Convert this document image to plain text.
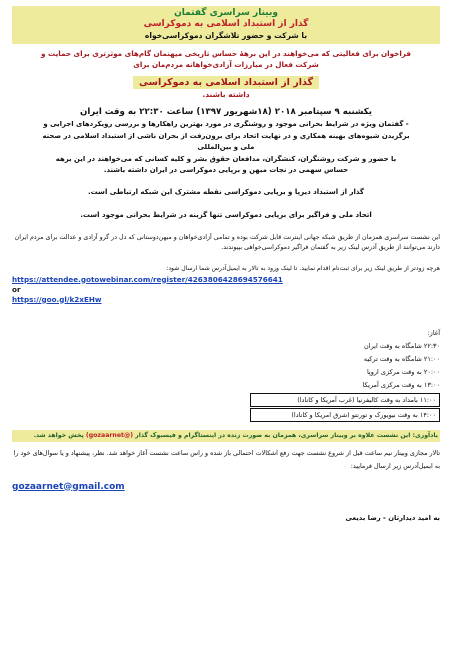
وبینار سراسری گفتمان
گذار از استبداد اسلامی به دموکراسی
با شرکت و حضور تلاشگران دموکراسی‌خواه
فراخوان برای فعالیتی که می‌خواهند در این برههٔ حساس تاریخی میهنمان گام‌های موثرتری برای حمایت و
شرکت فعال در مبارزات آزادی‌خواهانه مردم‌مان برای
گذار از استبداد اسلامی به دموکراسی
داشته باشند.
یکشنبه ۹ سپتامبر ۲۰۱۸ (۱۸شهریور ۱۳۹۷) ساعت ۲۲:۳۰ به وقت ایران
- گفتمان ویژه در شرایط بحرانی موجود و روشنگری در مورد بهترین راهکارها و بررسی رویکردهای اجرایی و
برگزیدن شیوه‌های بهینه همکاری و در نهایت اتحاد برای برون‌رفت از بحران ناشی از استبداد اسلامی در صحنه
ملی و بین‌المللی
با حضور و شرکت روشنگران، کنشگران، مدافعان حقوق بشر و کلیه کسانی که می‌خواهند در این برهه
حساس سهمی در نجات میهن و برپایی دموکراسی در ایران داشته باشند.
گذار از استبداد دیرپا و برپایی دموکراسی نقطه مشترک این شبکه ارتباطی است.
اتحاد ملی و فراگیر برای برپایی دموکراسی تنها گزینه در شرایط بحرانی موجود است.
این نشست سراسری همزمان از طریق شبکه جهانی اینترنت قابل شرکت بوده و تمامی آزادی‌خواهان و میهن‌دوستانی که دل در گرو آزادی و عدالت برای مردم ایران دارند می‌توانند از طریق آدرس لینک زیر به گفتمان فراگیر دموکراسی‌خواهی بپیوندند.
هرچه زودتر از طریق لینک زیر برای ثبت‌نام اقدام نمایید. تا لینک ورود به تالار به ایمیل‌آدرس شما ارسال شود:
https://attendee.gotowebinar.com/register/4263806428694576641
or
https://goo.gl/k2xEHw
آغاز:
۲۲:۳۰ شامگاه به وقت ایران
۲۱:۰۰ شامگاه به وقت ترکیه
۲۰:۰۰ به وقت مرکزی اروپا
۱۳:۰۰ به وقت مرکزی آمریکا
۱۱:۰۰ بامداد به وقت کالیفرنیا (غرب آمریکا و کانادا)
۱۴:۰۰ به وقت نیویورک و تورنتو (شرق امریکا و کانادا)
یادآوری: این نشست علاوه بر وبینار سراسری، همزمان به صورت زنده در اینستاگرام و فیسبوک گذار (@gozaarnet) پخش خواهد شد.
تالار مجازی وبینار نیم ساعت قبل از شروع نشست جهت رفع اشکالات احتمالی باز شده و راس ساعت نشست آغاز خواهد شد. نظر، پیشنهاد و یا سوال‌های خود را به ایمیل‌آدرس زیر ارسال فرمایید:
gozaarnet@gmail.com
به امید دیدارتان - رضا بدیعی
